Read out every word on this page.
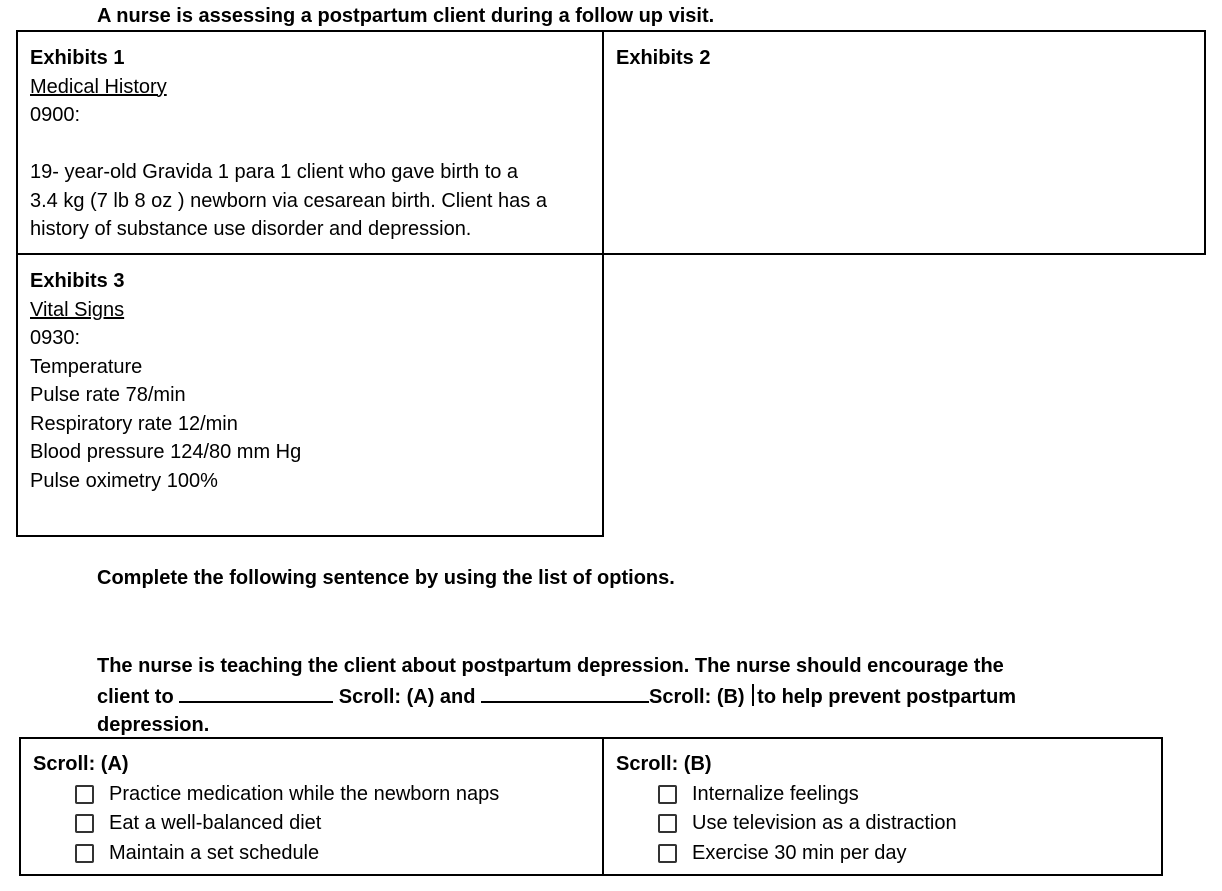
A nurse is assessing a postpartum client during a follow up visit.
Exhibits 1
Medical History
0900:
19- year-old Gravida 1 para 1 client who gave birth to a
3.4 kg (7 lb 8 oz ) newborn via cesarean birth. Client has a
history of substance use disorder and depression.
Exhibits 2
Exhibits 3
Vital Signs
0930:
Temperature
Pulse rate 78/min
Respiratory rate 12/min
Blood pressure 124/80 mm Hg
Pulse oximetry 100%
Complete the following sentence by using the list of options.
The nurse is teaching the client about postpartum depression. The nurse should encourage the
client to	Scroll: (A) and	Scroll: (B) to help prevent postpartum
depression.
Scroll: (A)
Practice medication while the newborn naps
Eat a well-balanced diet
Maintain a set schedule
Scroll: (B)
Internalize feelings
Use television as a distraction
Exercise 30 min per day
